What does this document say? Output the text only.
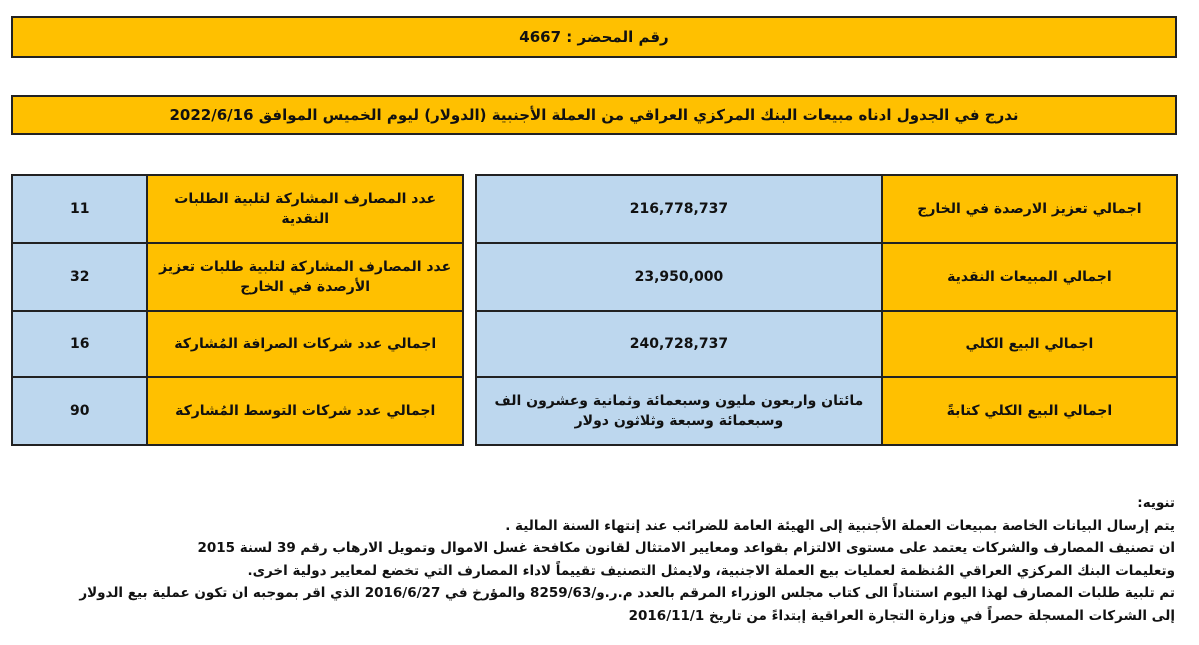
رقم المحضر : 4667
ندرج في الجدول ادناه مبيعات البنك المركزي العراقي من العملة الأجنبية (الدولار) ليوم الخميس الموافق 2022/6/16
11	عدد المصارف المشاركة لتلبية الطلبات النقدية
32	عدد المصارف المشاركة لتلبية طلبات تعزيز الأرصدة في الخارج
16	اجمالي عدد شركات الصرافة المُشاركة
90	اجمالي عدد شركات التوسط المُشاركة
216,778,737	اجمالي تعزيز الارصدة في الخارج
23,950,000	اجمالي المبيعات النقدية
240,728,737	اجمالي البيع الكلي
مائتان واربعون مليون وسبعمائة وثمانية وعشرون الف وسبعمائة وسبعة وثلاثون دولار	اجمالي البيع الكلي كتابةً

تنويه:

يتم إرسال البيانات الخاصة بمبيعات العملة الأجنبية إلى الهيئة العامة للضرائب عند إنتهاء السنة المالية .

ان تصنيف المصارف والشركات يعتمد على مستوى الالتزام بقواعد ومعايير الامتثال لقانون مكافحة غسل الاموال وتمويل الارهاب رقم 39 لسنة 2015

وتعليمات البنك المركزي العراقي المُنظمة لعمليات بيع العملة الاجنبية، ولايمثل التصنيف تقييماً لاداء المصارف التي تخضع لمعايير دولية اخرى.

تم تلبية طلبات المصارف لهذا اليوم استناداً الى كتاب مجلس الوزراء المرقم بالعدد م.ر.و/8259/63 والمؤرخ في 2016/6/27 الذي اقر بموجبه ان تكون عملية بيع الدولار

إلى الشركات المسجلة حصراً في وزارة التجارة العراقية إبتداءً من تاريخ 2016/11/1
